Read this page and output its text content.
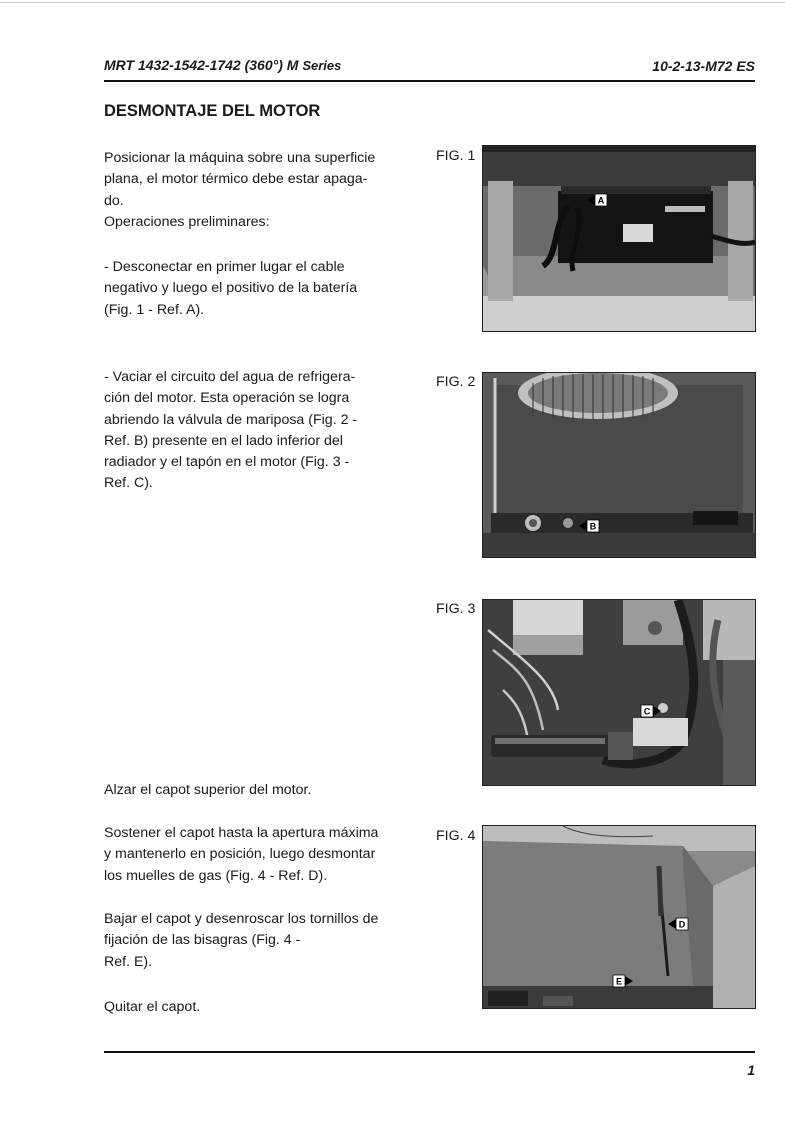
MRT 1432-1542-1742 (360°) M Series	10-2-13-M72 ES
DESMONTAJE DEL MOTOR

Posicionar la máquina sobre una superficie
plana, el motor térmico debe estar apaga-
do.

Operaciones preliminares:

- Desconectar en primer lugar el cable
negativo y luego el positivo de la batería
(Fig. 1 - Ref. A).

- Vaciar el circuito del agua de refrigera-
ción del motor. Esta operación se logra
abriendo la válvula de mariposa (Fig. 2 -
Ref. B) presente en el lado inferior del
radiador y el tapón en el motor (Fig. 3 -
Ref. C).

Alzar el capot superior del motor.

Sostener el capot hasta la apertura máxima
y mantenerlo en posición, luego desmontar
los muelles de gas (Fig. 4 - Ref. D).

Bajar el capot y desenroscar los tornillos de
fijación de las bisagras (Fig. 4 -
Ref. E).

Quitar el capot.

FIG. 1
A
FIG. 2
B
FIG. 3
C
FIG. 4
D
E
1
